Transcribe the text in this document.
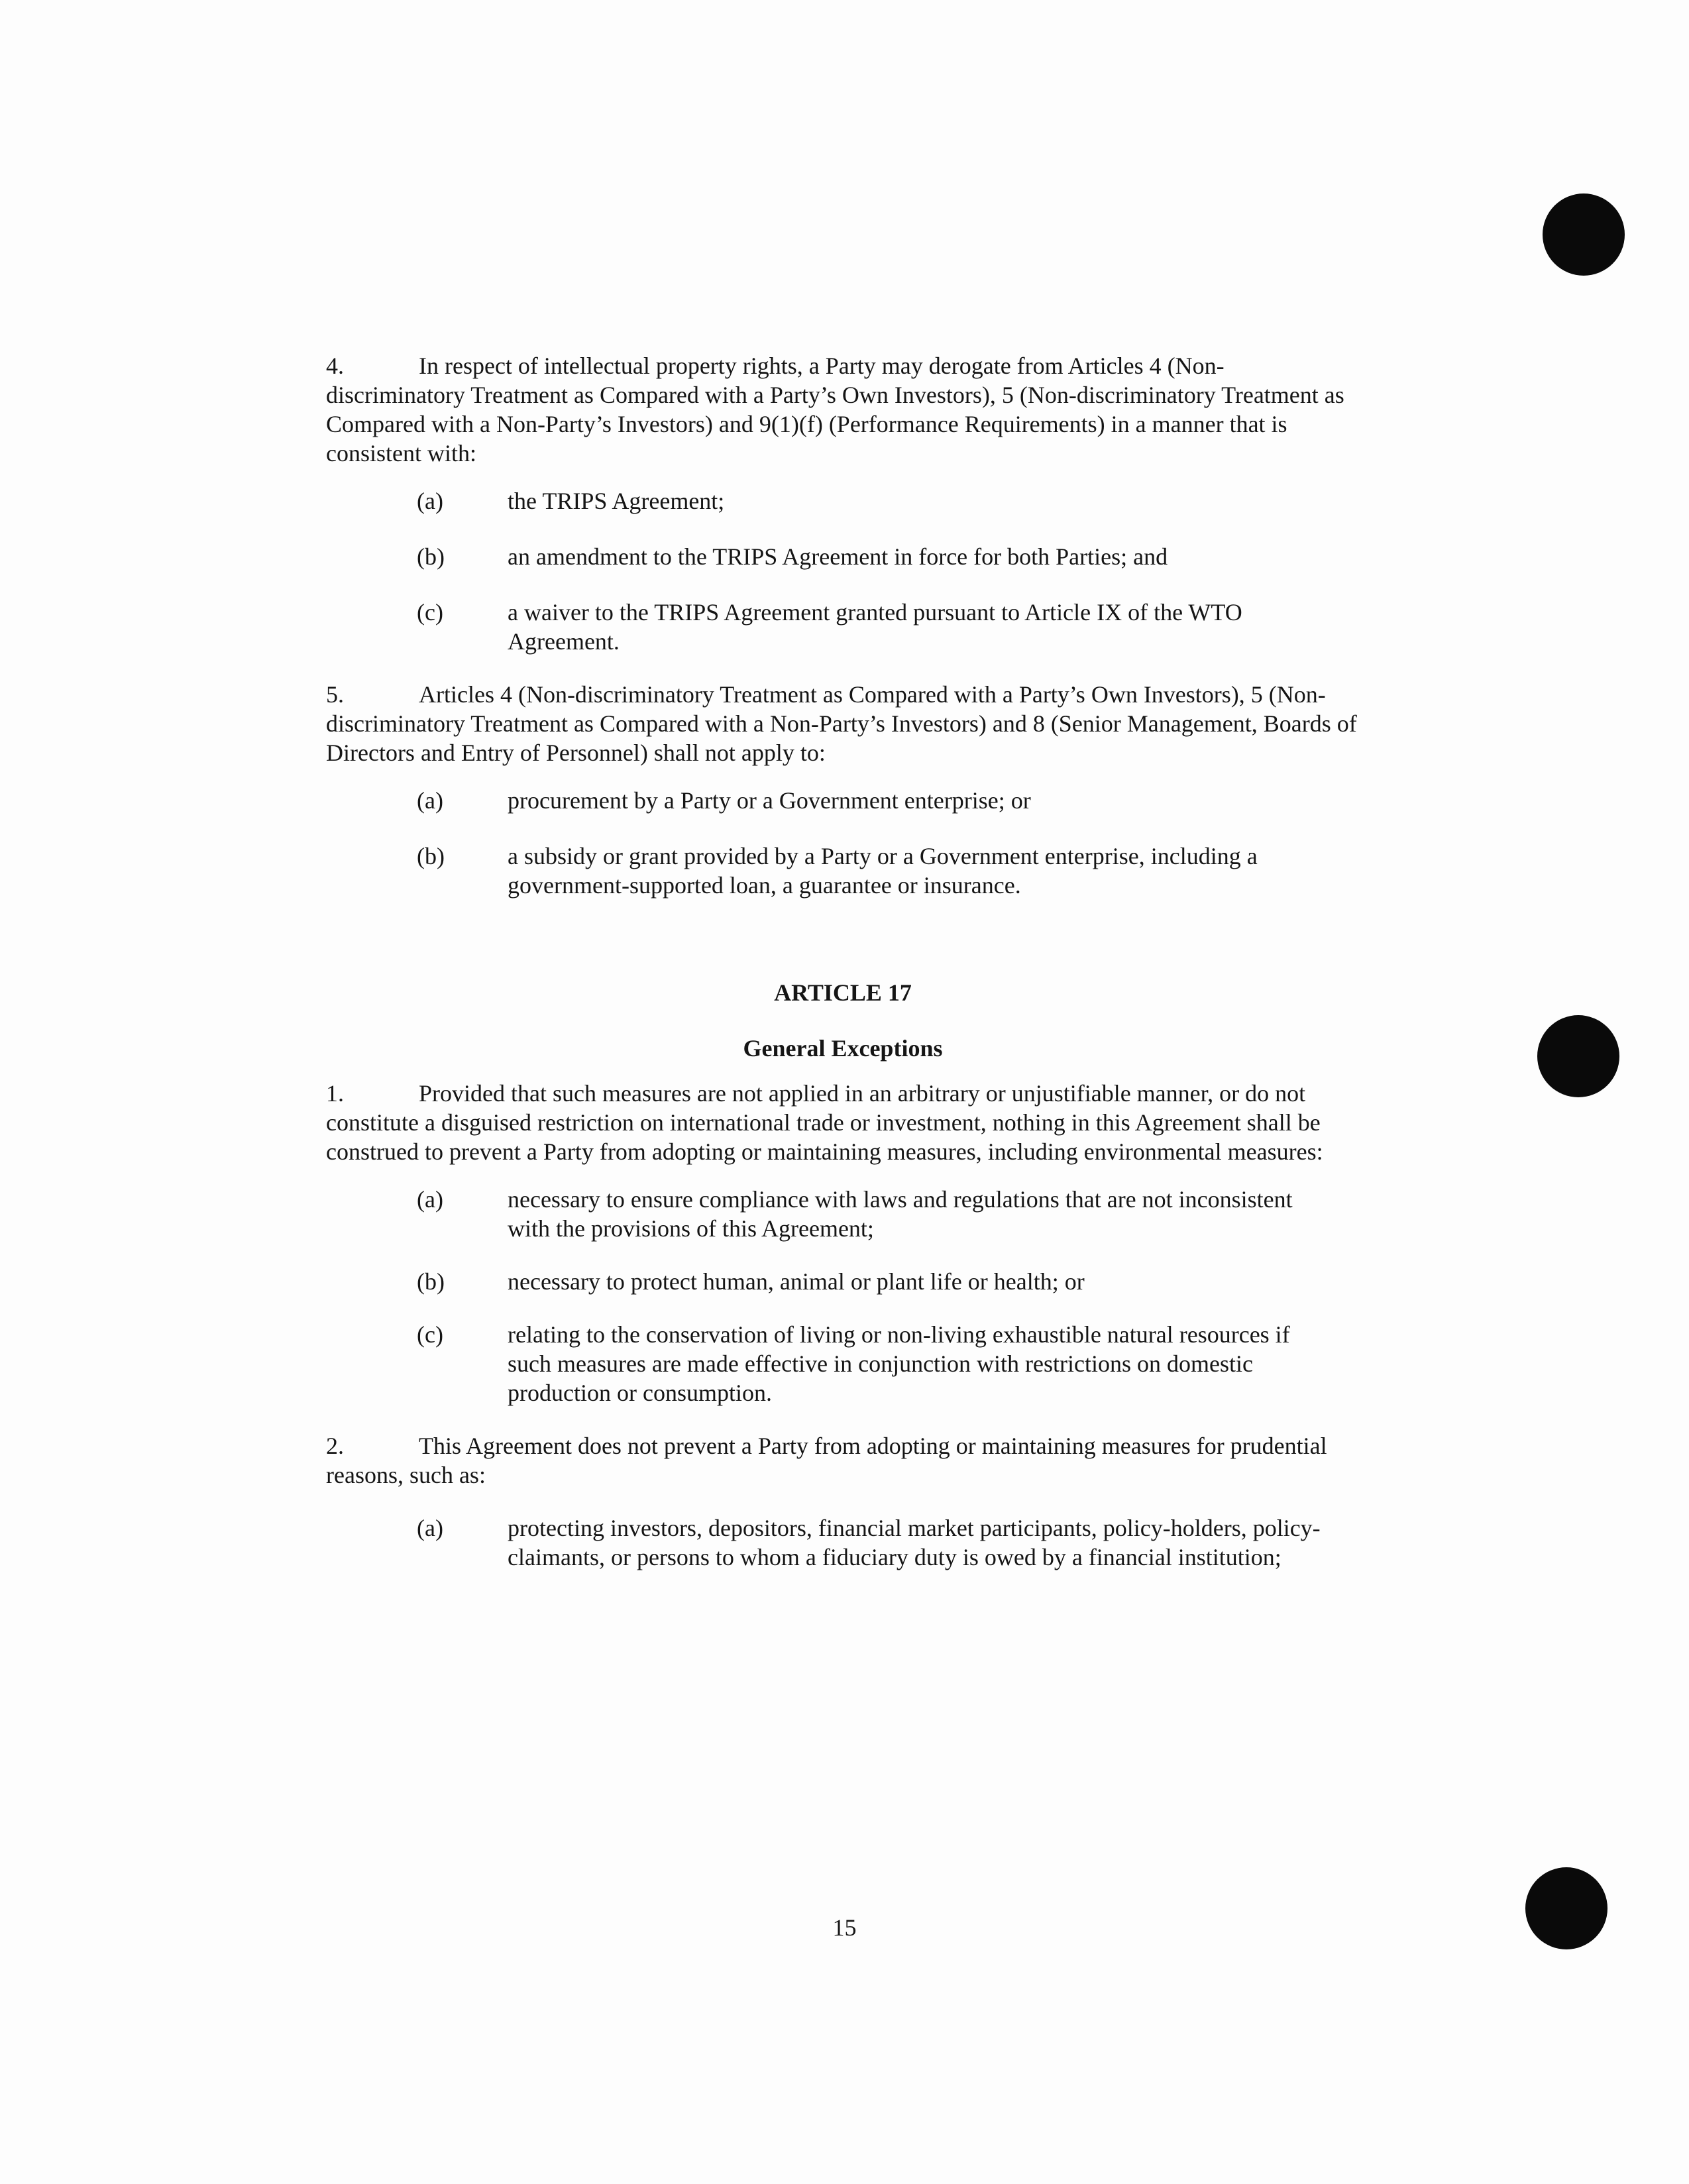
4.	In respect of intellectual property rights, a Party may derogate from Articles 4 (Non-discriminatory Treatment as Compared with a Party’s Own Investors), 5 (Non-discriminatory Treatment as Compared with a Non-Party’s Investors) and 9(1)(f) (Performance Requirements) in a manner that is consistent with:

(a)	the TRIPS Agreement;
(b)	an amendment to the TRIPS Agreement in force for both Parties; and
(c)	a waiver to the TRIPS Agreement granted pursuant to Article IX of the WTO Agreement.

5.	Articles 4 (Non-discriminatory Treatment as Compared with a Party’s Own Investors), 5 (Non-discriminatory Treatment as Compared with a Non-Party’s Investors) and 8 (Senior Management, Boards of Directors and Entry of Personnel) shall not apply to:

(a)	procurement by a Party or a Government enterprise; or
(b)	a subsidy or grant provided by a Party or a Government enterprise, including a government-supported loan, a guarantee or insurance.

ARTICLE 17

General Exceptions

1.	Provided that such measures are not applied in an arbitrary or unjustifiable manner, or do not constitute a disguised restriction on international trade or investment, nothing in this Agreement shall be construed to prevent a Party from adopting or maintaining measures, including environmental measures:

(a)	necessary to ensure compliance with laws and regulations that are not inconsistent with the provisions of this Agreement;
(b)	necessary to protect human, animal or plant life or health; or
(c)	relating to the conservation of living or non-living exhaustible natural resources if such measures are made effective in conjunction with restrictions on domestic production or consumption.

2.	This Agreement does not prevent a Party from adopting or maintaining measures for prudential reasons, such as:

(a)	protecting investors, depositors, financial market participants, policy-holders, policy-claimants, or persons to whom a fiduciary duty is owed by a financial institution;
15
